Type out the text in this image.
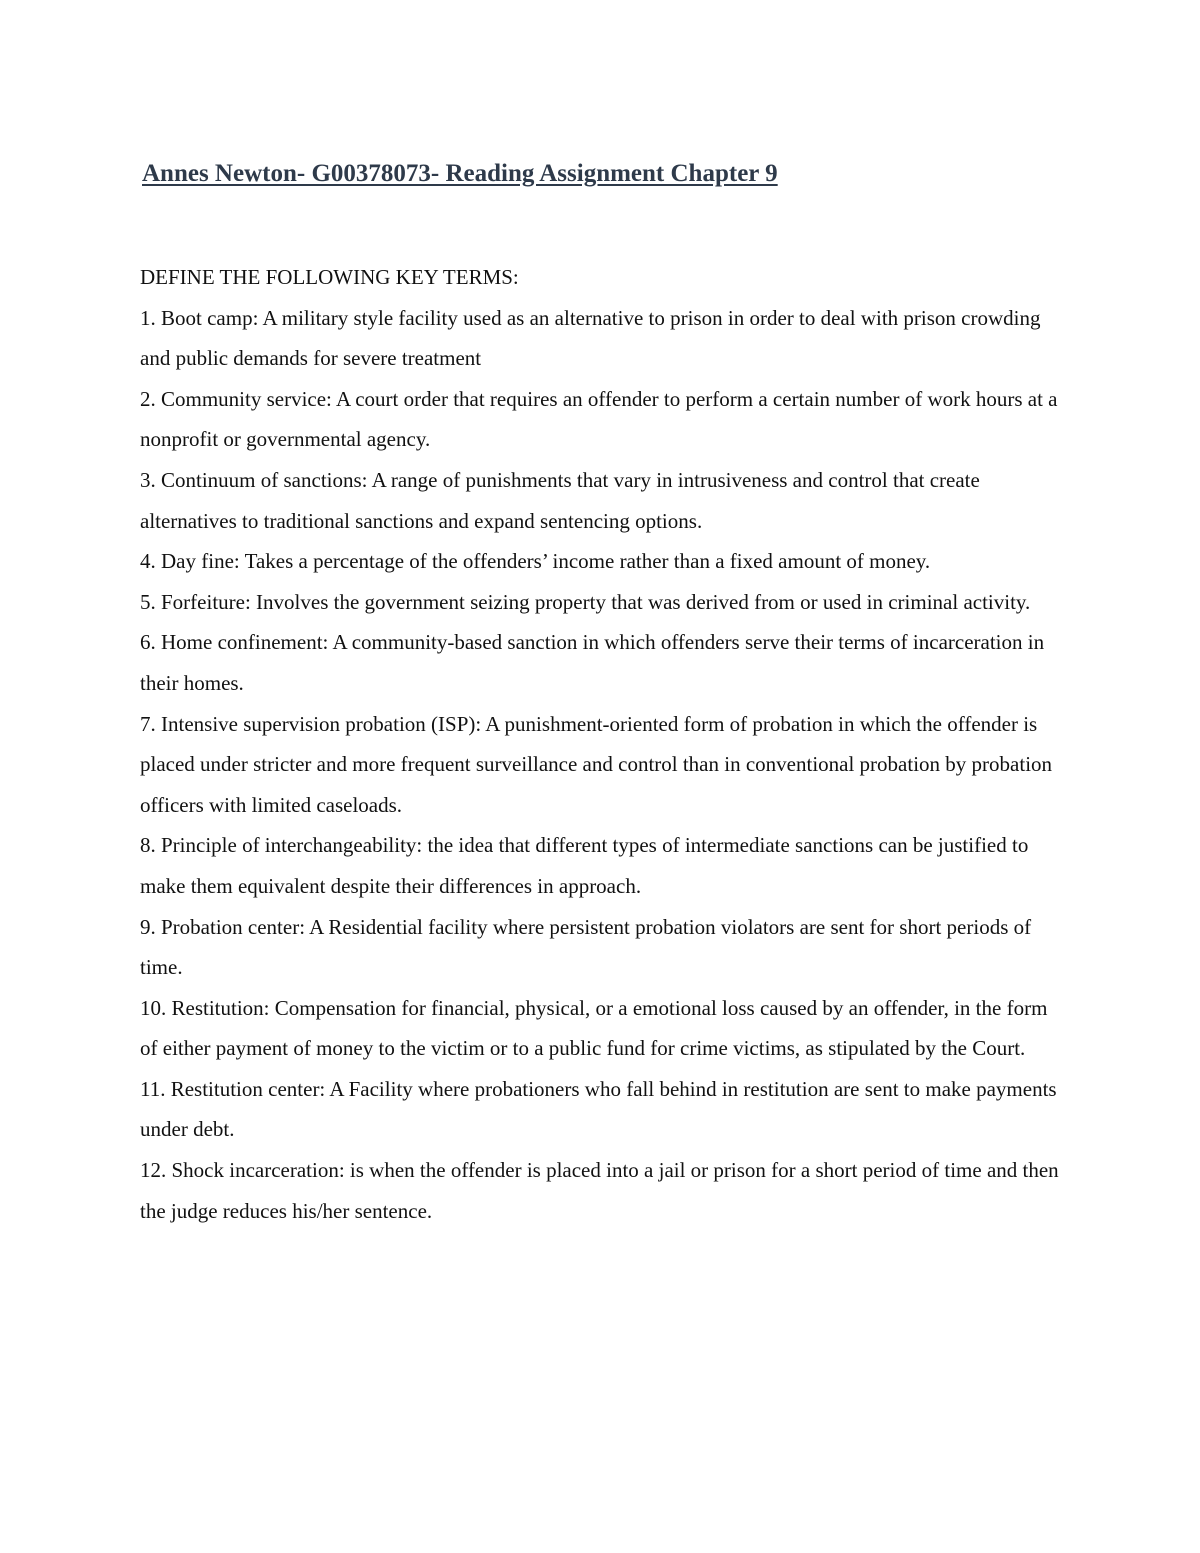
Annes Newton- G00378073- Reading Assignment Chapter 9

DEFINE THE FOLLOWING KEY TERMS:

1. Boot camp: A military style facility used as an alternative to prison in order to deal with prison crowding and public demands for severe treatment

2. Community service: A court order that requires an offender to perform a certain number of work hours at a nonprofit or governmental agency.

3. Continuum of sanctions: A range of punishments that vary in intrusiveness and control that create alternatives to traditional sanctions and expand sentencing options.

4. Day fine: Takes a percentage of the offenders’ income rather than a fixed amount of money.

5. Forfeiture: Involves the government seizing property that was derived from or used in criminal activity.

6. Home confinement: A community-based sanction in which offenders serve their terms of incarceration in their homes.

7. Intensive supervision probation (ISP): A punishment-oriented form of probation in which the offender is placed under stricter and more frequent surveillance and control than in conventional probation by probation officers with limited caseloads.

8. Principle of interchangeability: the idea that different types of intermediate sanctions can be justified to make them equivalent despite their differences in approach.

9. Probation center: A Residential facility where persistent probation violators are sent for short periods of time.

10. Restitution: Compensation for financial, physical, or a emotional loss caused by an offender, in the form of either payment of money to the victim or to a public fund for crime victims, as stipulated by the Court.

11. Restitution center: A Facility where probationers who fall behind in restitution are sent to make payments under debt.

12. Shock incarceration: is when the offender is placed into a jail or prison for a short period of time and then the judge reduces his/her sentence.
